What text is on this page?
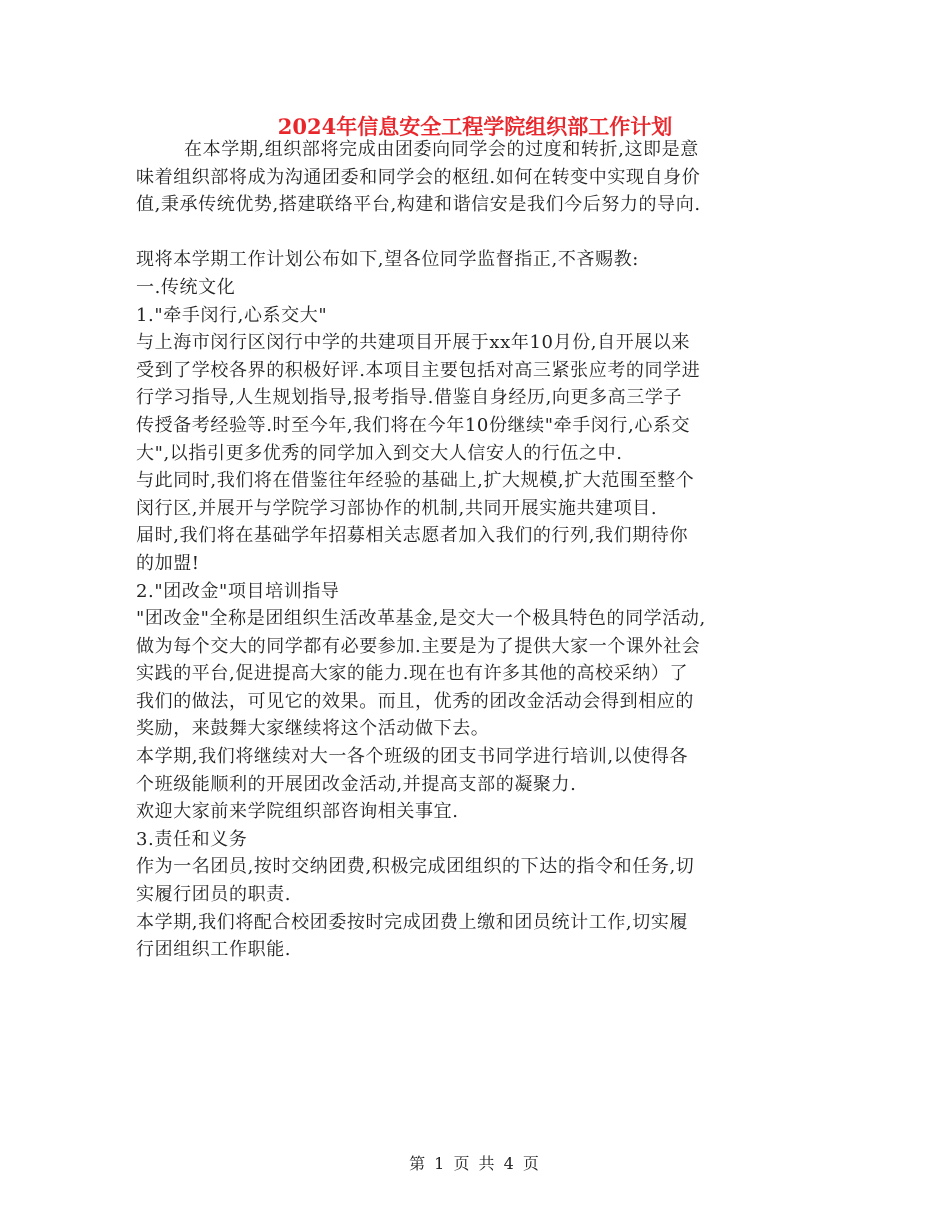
2024年信息安全工程学院组织部工作计划
在本学期,组织部将完成由团委向同学会的过度和转折,这即是意
味着组织部将成为沟通团委和同学会的枢纽.如何在转变中实现自身价
值,秉承传统优势,搭建联络平台,构建和谐信安是我们今后努力的导向.
现将本学期工作计划公布如下,望各位同学监督指正,不吝赐教:
一.传统文化
1."牵手闵行,心系交大"
与上海市闵行区闵行中学的共建项目开展于xx年10月份,自开展以来
受到了学校各界的积极好评.本项目主要包括对高三紧张应考的同学进
行学习指导,人生规划指导,报考指导.借鉴自身经历,向更多高三学子
传授备考经验等.时至今年,我们将在今年10份继续"牵手闵行,心系交
大",以指引更多优秀的同学加入到交大人信安人的行伍之中.
与此同时,我们将在借鉴往年经验的基础上,扩大规模,扩大范围至整个
闵行区,并展开与学院学习部协作的机制,共同开展实施共建项目.
届时,我们将在基础学年招募相关志愿者加入我们的行列,我们期待你
的加盟!
2."团改金"项目培训指导
"团改金"全称是团组织生活改革基金,是交大一个极具特色的同学活动,
做为每个交大的同学都有必要参加.主要是为了提供大家一个课外社会
实践的平台,促进提高大家的能力.现在也有许多其他的高校采纳）了
我们的做法，可见它的效果。而且，优秀的团改金活动会得到相应的
奖励，来鼓舞大家继续将这个活动做下去。
本学期,我们将继续对大一各个班级的团支书同学进行培训,以使得各
个班级能顺利的开展团改金活动,并提高支部的凝聚力.
欢迎大家前来学院组织部咨询相关事宜.
3.责任和义务
作为一名团员,按时交纳团费,积极完成团组织的下达的指令和任务,切
实履行团员的职责.
本学期,我们将配合校团委按时完成团费上缴和团员统计工作,切实履
行团组织工作职能.
第 1 页 共 4 页
